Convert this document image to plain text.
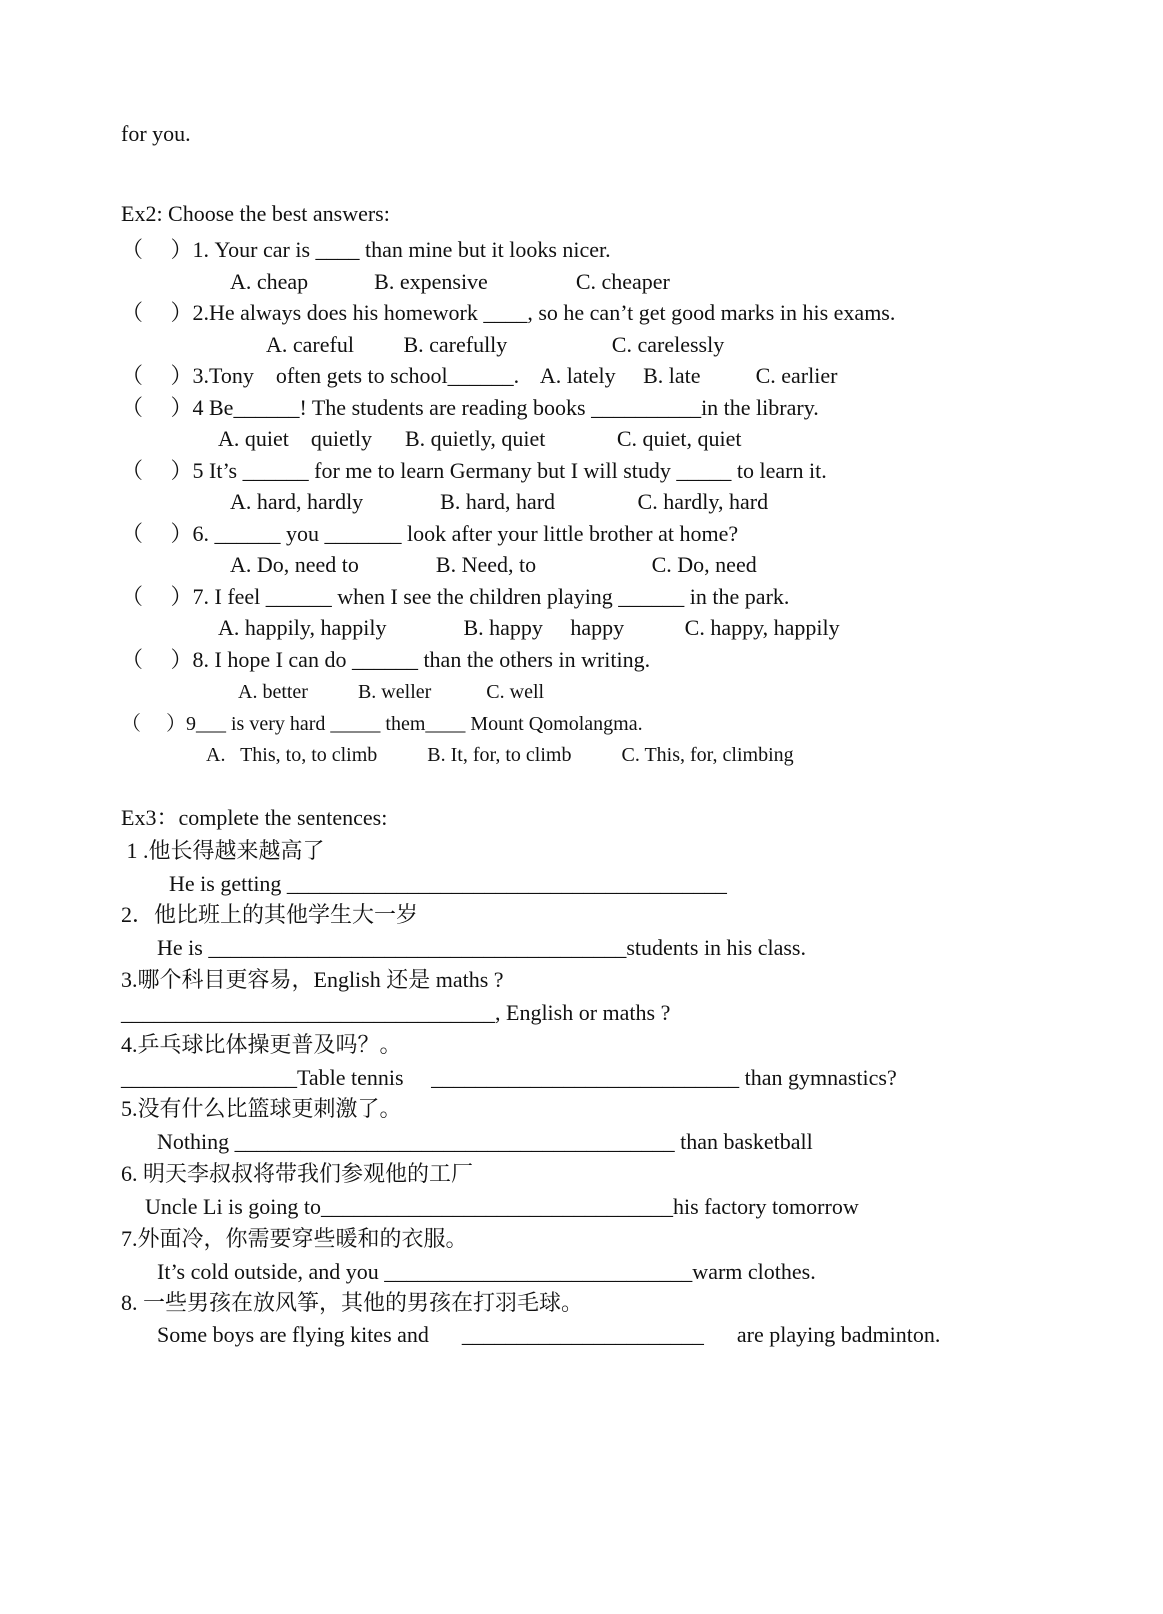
for you.
Ex2: Choose the best answers:
（     ）1. Your car is ____ than mine but it looks nicer.
A. cheap            B. expensive                C. cheaper
（     ）2.He always does his homework ____, so he can’t get good marks in his exams.
A. careful         B. carefully                   C. carelessly
（     ）3.Tony    often gets to school______.    A. lately     B. late          C. earlier
（     ）4 Be______! The students are reading books __________in the library.
A. quiet    quietly      B. quietly, quiet             C. quiet, quiet
（     ）5 It’s ______ for me to learn Germany but I will study _____ to learn it.
A. hard, hardly              B. hard, hard               C. hardly, hard
（     ）6. ______ you _______ look after your little brother at home?
A. Do, need to              B. Need, to                     C. Do, need
（     ）7. I feel ______ when I see the children playing ______ in the park.
A. happily, happily              B. happy     happy           C. happy, happily
（     ）8. I hope I can do ______ than the others in writing.
A. better          B. weller           C. well
（     ）9___ is very hard _____ them____ Mount Qomolangma.
A.   This, to, to climb          B. It, for, to climb          C. This, for, climbing
Ex3：complete the sentences:
1 .他长得越来越高了
He is getting ________________________________________
2．他比班上的其他学生大一岁
He is ______________________________________students in his class.
3.哪个科目更容易，English 还是 maths ?
__________________________________, English or maths ?
4.乒乓球比体操更普及吗？。
________________Table tennis     ____________________________ than gymnastics?
5.没有什么比篮球更刺激了。
Nothing ________________________________________ than basketball
6. 明天李叔叔将带我们参观他的工厂
Uncle Li is going to________________________________his factory tomorrow
7.外面冷，你需要穿些暖和的衣服。
It’s cold outside, and you ____________________________warm clothes.
8. 一些男孩在放风筝，其他的男孩在打羽毛球。
Some boys are flying kites and      ______________________      are playing badminton.
